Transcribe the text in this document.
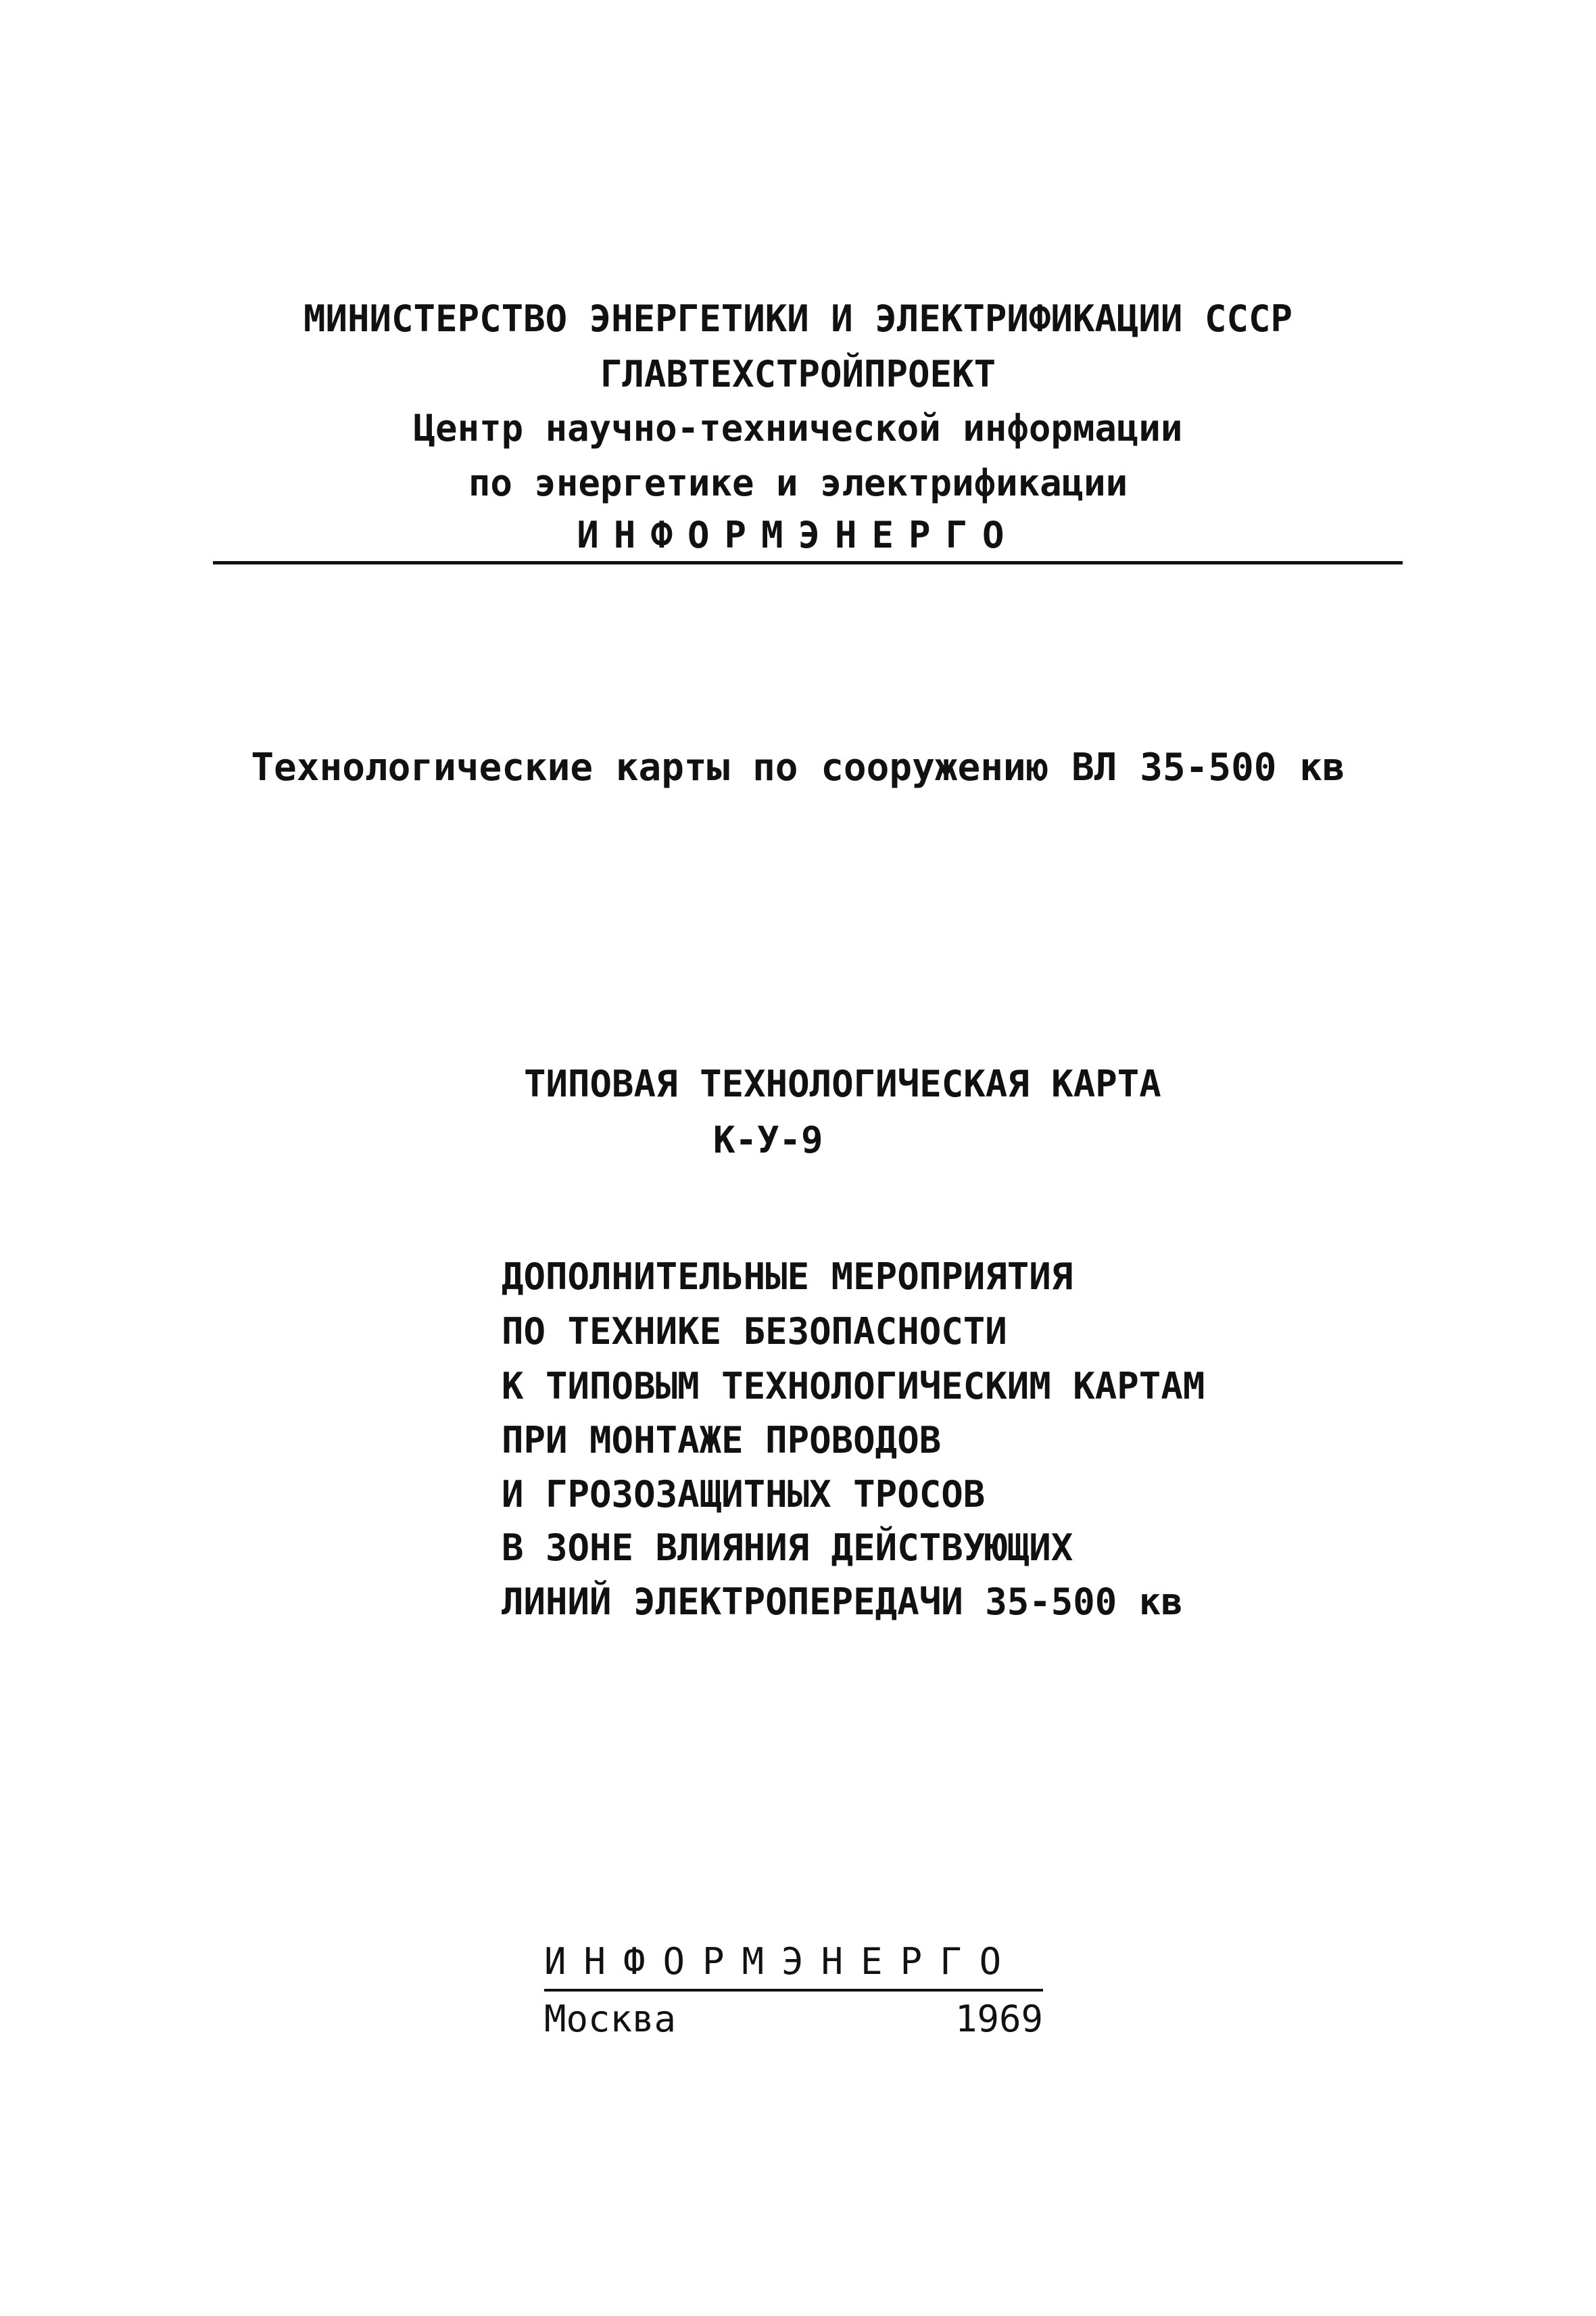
МИНИСТЕРСТВО ЭНЕРГЕТИКИ И ЭЛЕКТРИФИКАЦИИ СССР
ГЛАВТЕХСТРОЙПРОЕКТ
Центр научно-технической информации
по энергетике и электрификации
ИНФОРМЭНЕРГО
Технологические карты по сооружению ВЛ 35-500 кв
ТИПОВАЯ ТЕХНОЛОГИЧЕСКАЯ КАРТА
К-У-9
ДОПОЛНИТЕЛЬНЫЕ МЕРОПРИЯТИЯ
ПО ТЕХНИКЕ БЕЗОПАСНОСТИ
К ТИПОВЫМ ТЕХНОЛОГИЧЕСКИМ КАРТАМ
ПРИ МОНТАЖЕ ПРОВОДОВ
И ГРОЗОЗАЩИТНЫХ ТРОСОВ
В ЗОНЕ ВЛИЯНИЯ ДЕЙСТВУЮЩИХ
ЛИНИЙ ЭЛЕКТРОПЕРЕДАЧИ 35-500 кв
ИНФОРМЭНЕРГО
Москва	1969
